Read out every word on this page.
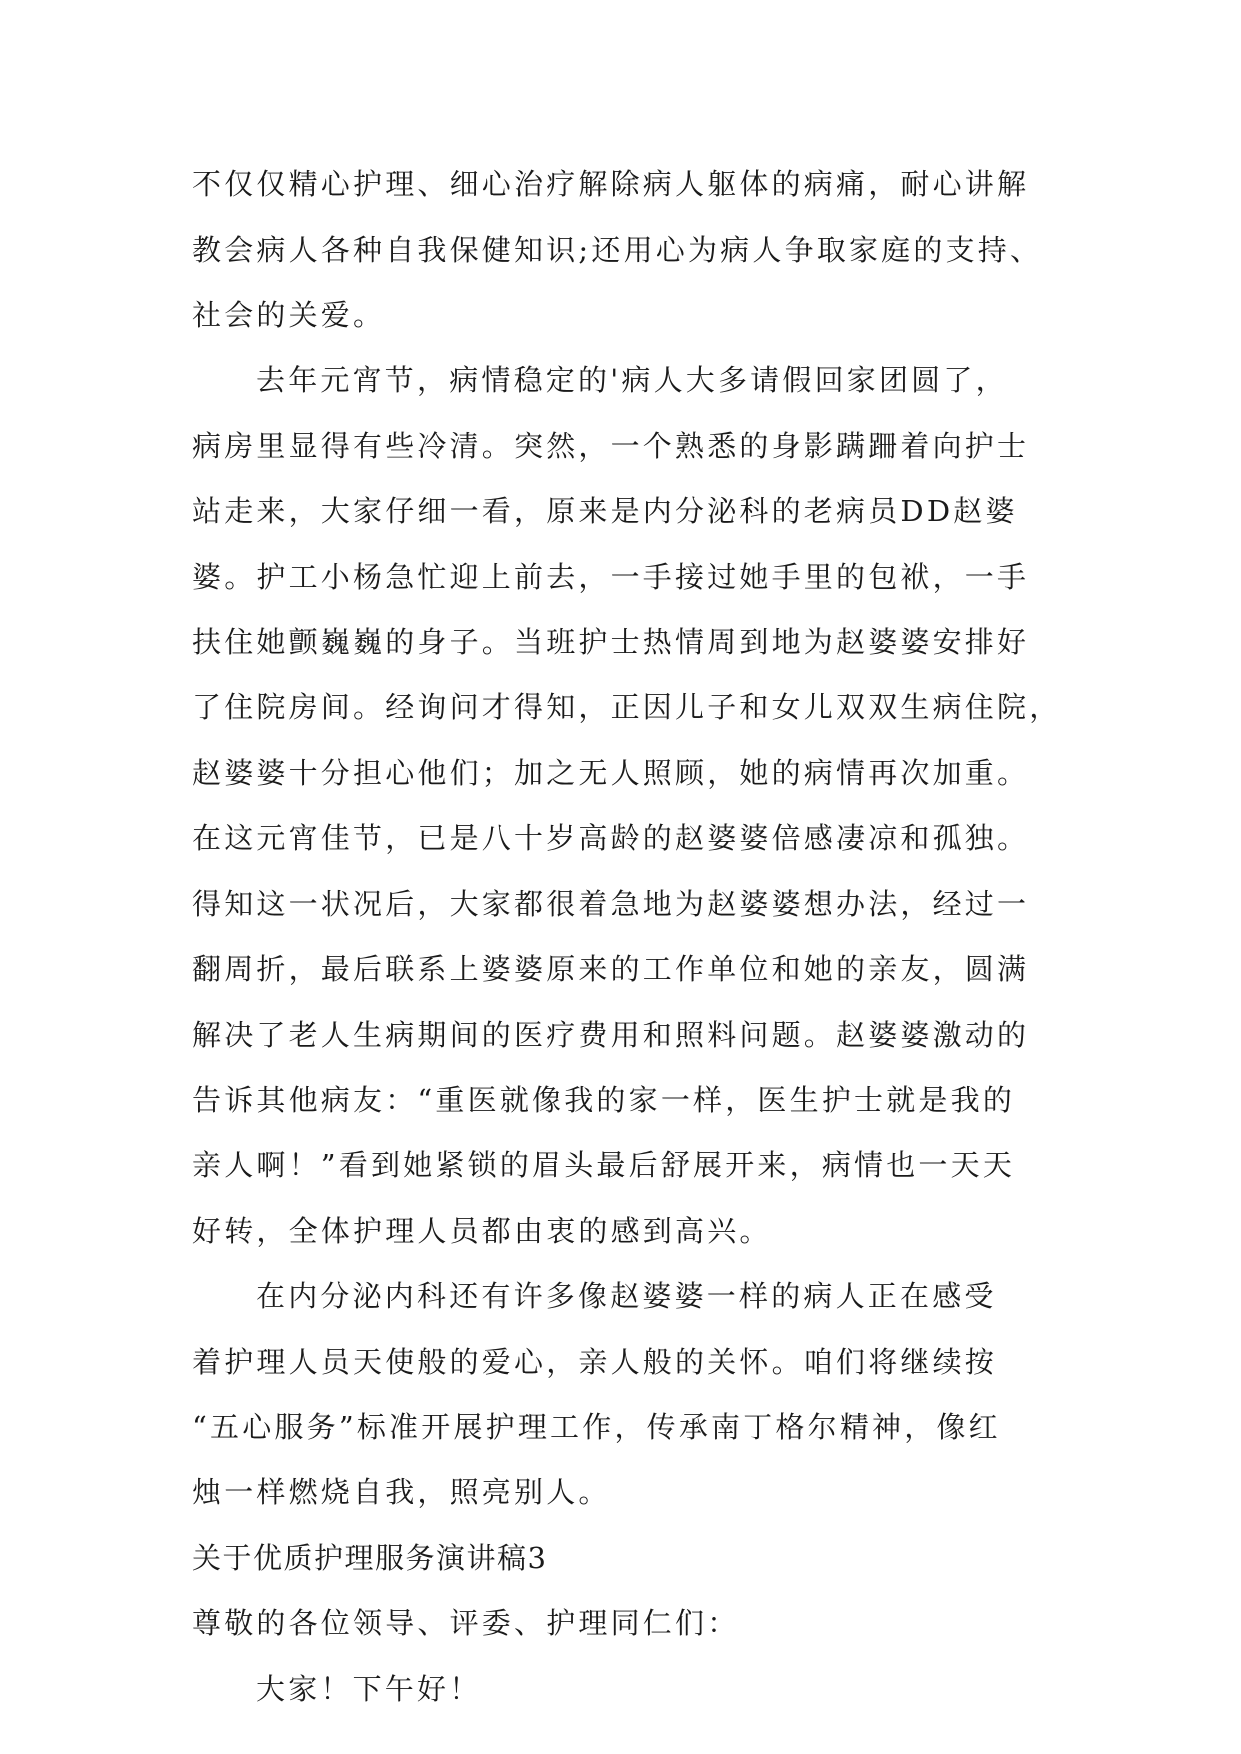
不仅仅精心护理、细心治疗解除病人躯体的病痛，耐心讲解
教会病人各种自我保健知识;还用心为病人争取家庭的支持、
社会的关爱。
去年元宵节，病情稳定的'病人大多请假回家团圆了，
病房里显得有些冷清。突然，一个熟悉的身影蹒跚着向护士
站走来，大家仔细一看，原来是内分泌科的老病员DD赵婆
婆。护工小杨急忙迎上前去，一手接过她手里的包袱，一手
扶住她颤巍巍的身子。当班护士热情周到地为赵婆婆安排好
了住院房间。经询问才得知，正因儿子和女儿双双生病住院，
赵婆婆十分担心他们；加之无人照顾，她的病情再次加重。
在这元宵佳节，已是八十岁高龄的赵婆婆倍感凄凉和孤独。
得知这一状况后，大家都很着急地为赵婆婆想办法，经过一
翻周折，最后联系上婆婆原来的工作单位和她的亲友，圆满
解决了老人生病期间的医疗费用和照料问题。赵婆婆激动的
告诉其他病友：“重医就像我的家一样，医生护士就是我的
亲人啊！”看到她紧锁的眉头最后舒展开来，病情也一天天
好转，全体护理人员都由衷的感到高兴。
在内分泌内科还有许多像赵婆婆一样的病人正在感受
着护理人员天使般的爱心，亲人般的关怀。咱们将继续按
“五心服务”标准开展护理工作，传承南丁格尔精神，像红
烛一样燃烧自我，照亮别人。
关于优质护理服务演讲稿3
尊敬的各位领导、评委、护理同仁们：
大家！下午好！
